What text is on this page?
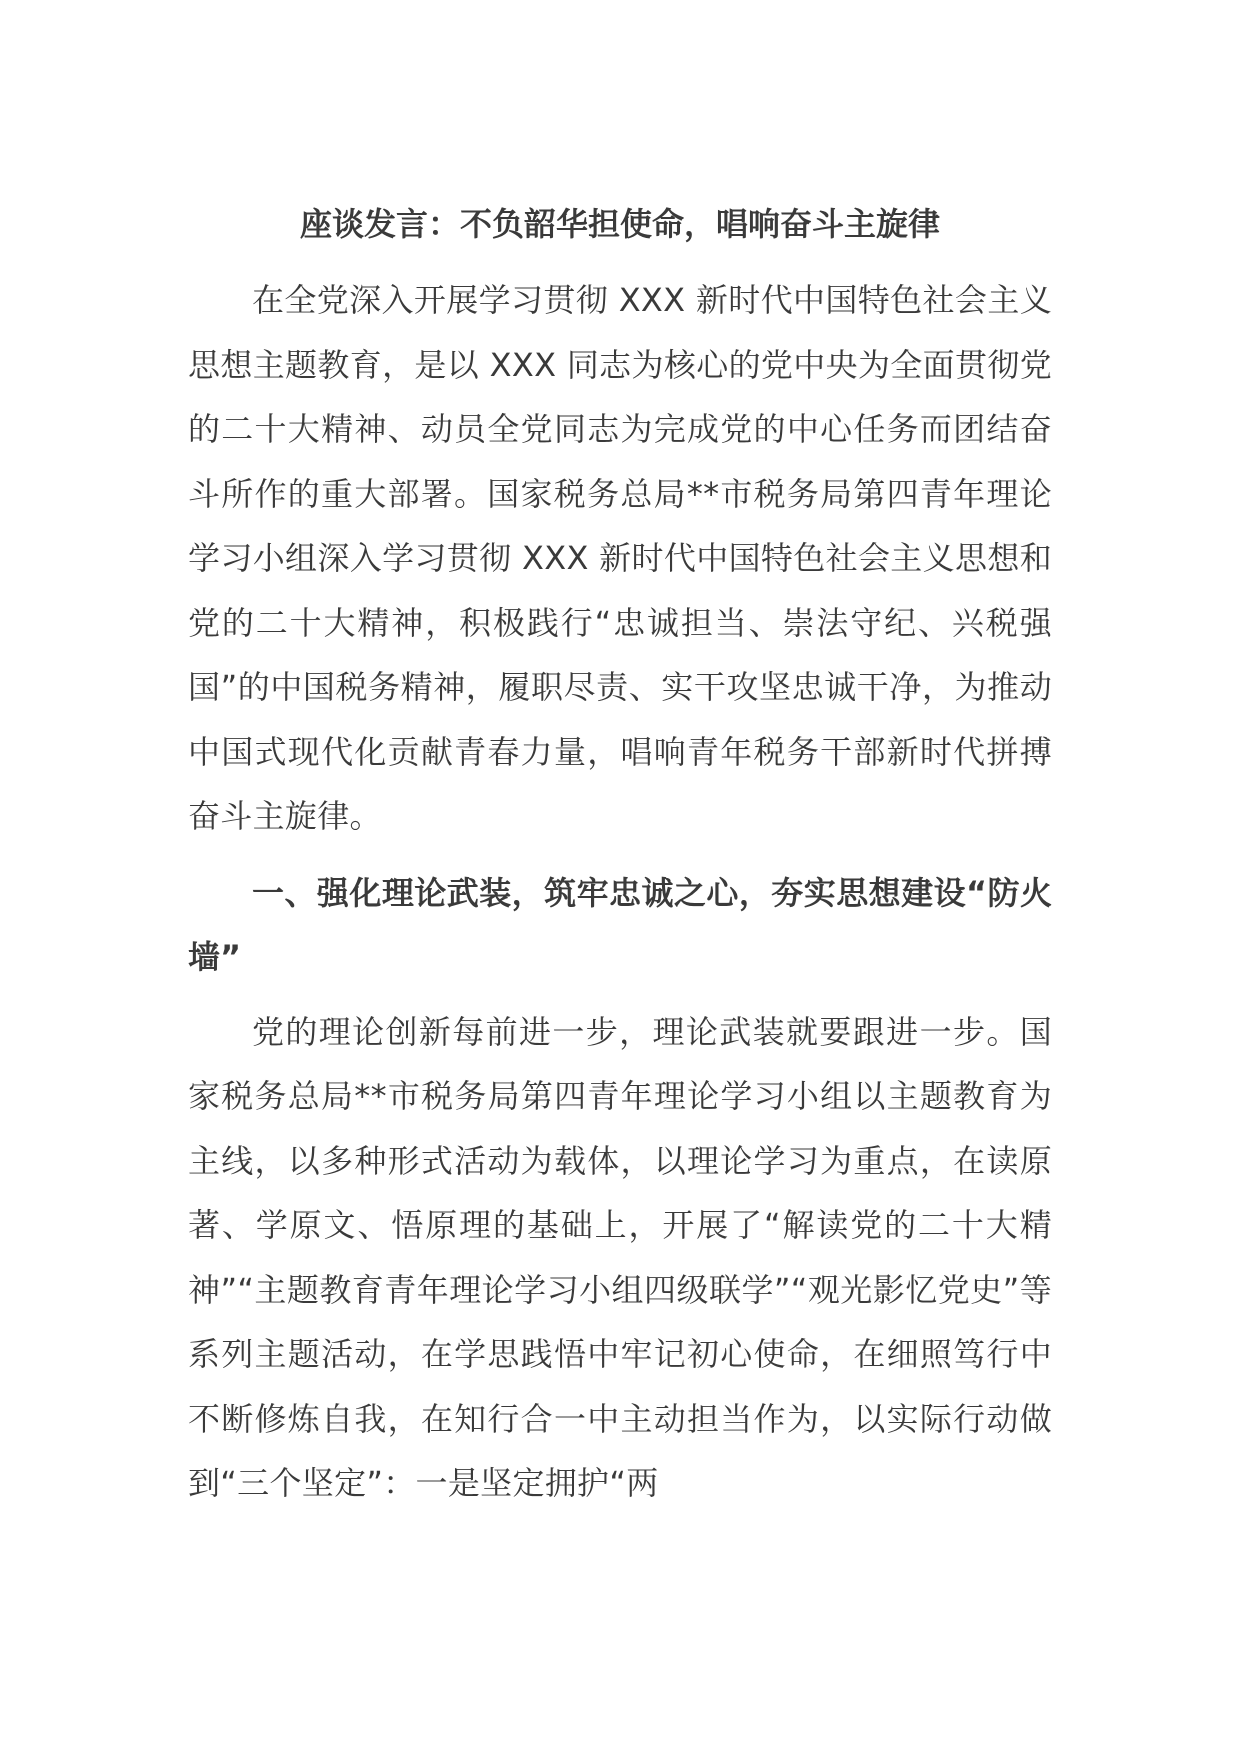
座谈发言：不负韶华担使命，唱响奋斗主旋律

在全党深入开展学习贯彻 XXX 新时代中国特色社会主义思想主题教育，是以 XXX 同志为核心的党中央为全面贯彻党的二十大精神、动员全党同志为完成党的中心任务而团结奋斗所作的重大部署。国家税务总局**市税务局第四青年理论学习小组深入学习贯彻 XXX 新时代中国特色社会主义思想和党的二十大精神，积极践行“忠诚担当、崇法守纪、兴税强国”的中国税务精神，履职尽责、实干攻坚忠诚干净，为推动中国式现代化贡献青春力量，唱响青年税务干部新时代拼搏奋斗主旋律。

一、强化理论武装，筑牢忠诚之心，夯实思想建设“防火墙”

党的理论创新每前进一步，理论武装就要跟进一步。国家税务总局**市税务局第四青年理论学习小组以主题教育为主线，以多种形式活动为载体，以理论学习为重点，在读原著、学原文、悟原理的基础上，开展了“解读党的二十大精神”“主题教育青年理论学习小组四级联学”“观光影忆党史”等系列主题活动，在学思践悟中牢记初心使命，在细照笃行中不断修炼自我，在知行合一中主动担当作为，以实际行动做到“三个坚定”：一是坚定拥护“两
